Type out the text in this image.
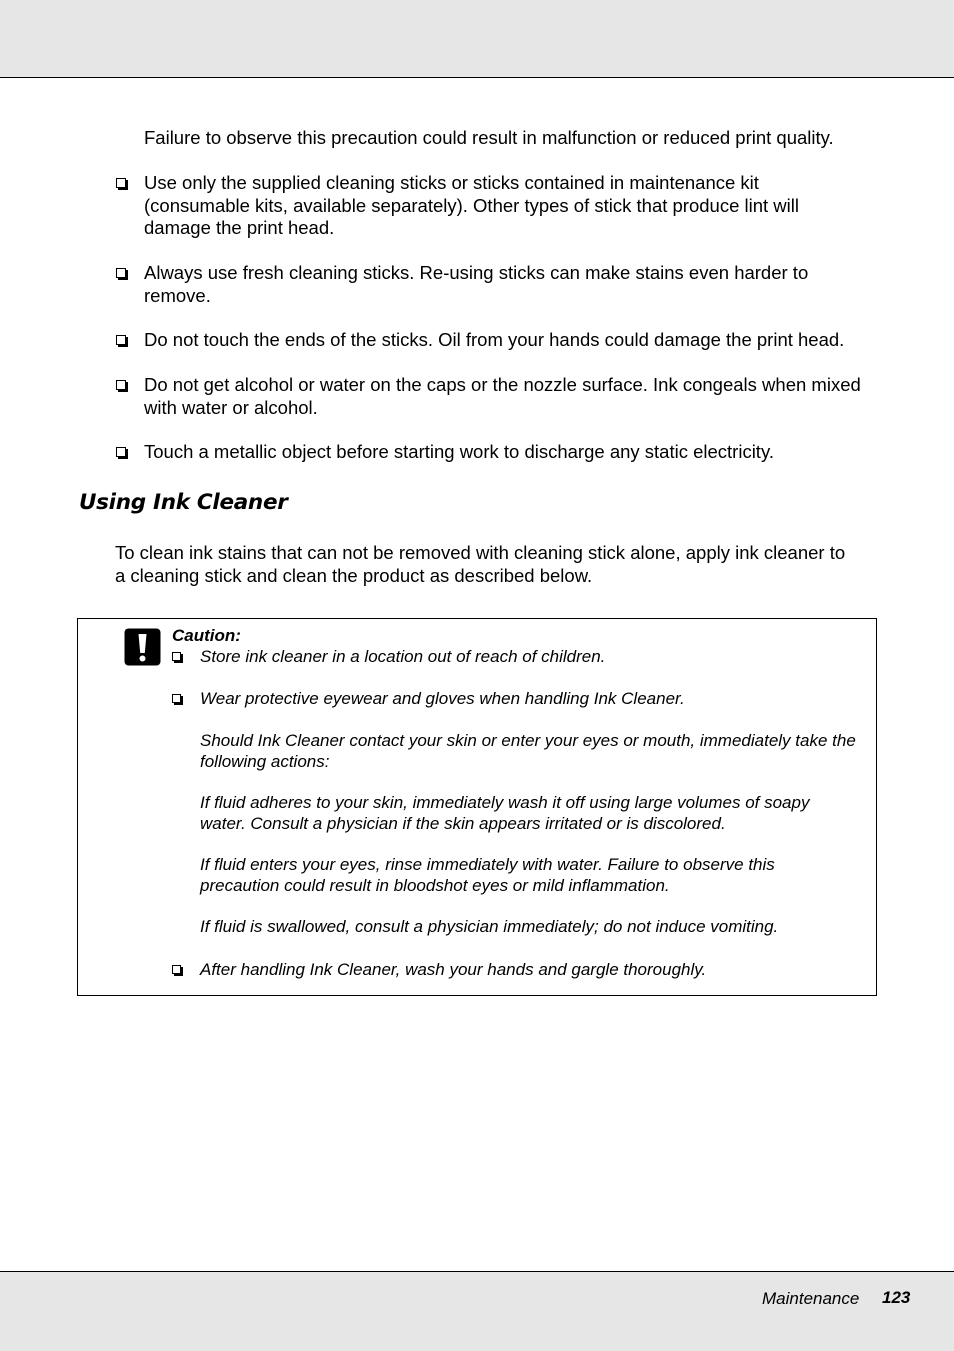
Failure to observe this precaution could result in malfunction or reduced print quality.

Use only the supplied cleaning sticks or sticks contained in maintenance kit
(consumable kits, available separately). Other types of stick that produce lint will
damage the print head.
Always use fresh cleaning sticks. Re-using sticks can make stains even harder to
remove.
Do not touch the ends of the sticks. Oil from your hands could damage the print head.
Do not get alcohol or water on the caps or the nozzle surface. Ink congeals when mixed
with water or alcohol.
Touch a metallic object before starting work to discharge any static electricity.
Using Ink Cleaner
To clean ink stains that can not be removed with cleaning stick alone, apply ink cleaner to
a cleaning stick and clean the product as described below.

Caution:

Store ink cleaner in a location out of reach of children.

Wear protective eyewear and gloves when handling Ink Cleaner.

Should Ink Cleaner contact your skin or enter your eyes or mouth, immediately take the
following actions:
If fluid adheres to your skin, immediately wash it off using large volumes of soapy
water. Consult a physician if the skin appears irritated or is discolored.
If fluid enters your eyes, rinse immediately with water. Failure to observe this
precaution could result in bloodshot eyes or mild inflammation.

If fluid is swallowed, consult a physician immediately; do not induce vomiting.

After handling Ink Cleaner, wash your hands and gargle thoroughly.

Maintenance 123
